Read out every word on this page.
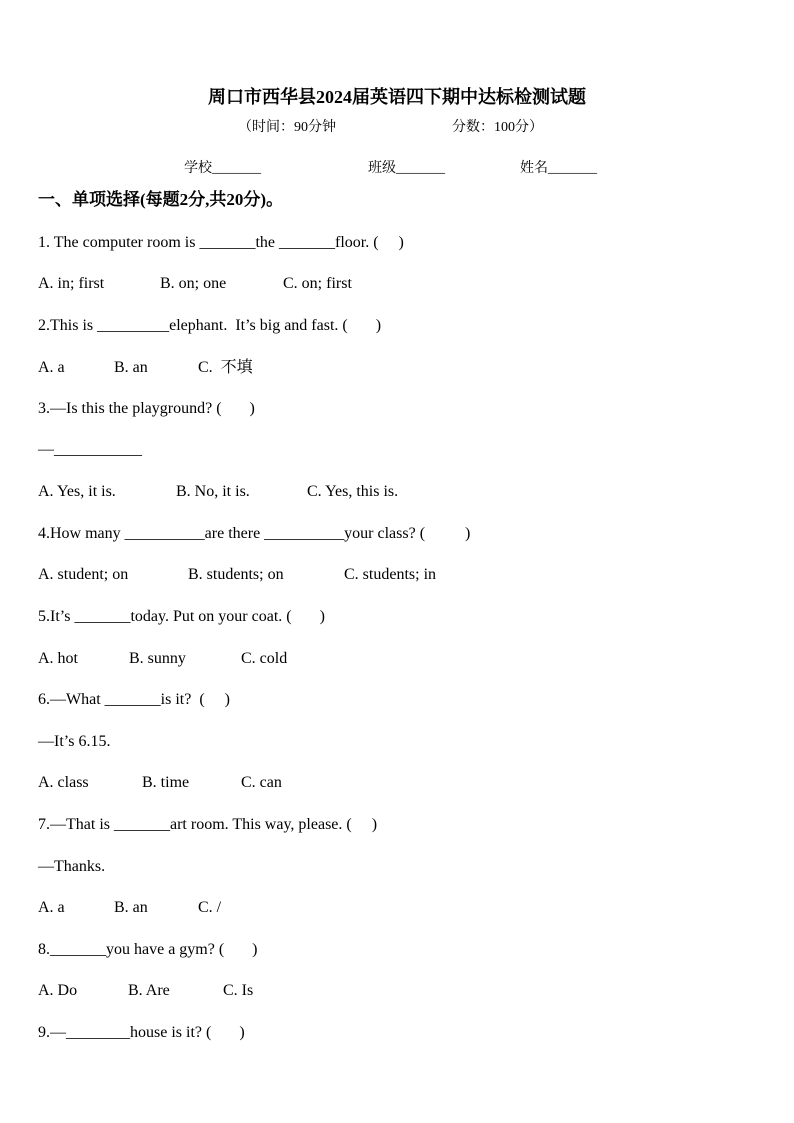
周口市西华县2024届英语四下期中达标检测试题
（时间：90分钟	分数：100分）
学校_______	班级_______	姓名_______
一、单项选择(每题2分,共20分)。
1. The computer room is _______the _______floor. (     )
A. in; first	B. on; one	C. on; first
2.This is _________elephant.  It’s big and fast. (       )
A. a	B. an	C.  不填
3.—Is this the playground? (       )
—___________
A. Yes, it is.	B. No, it is.	C. Yes, this is.
4.How many __________are there __________your class? (          )
A. student; on	B. students; on	C. students; in
5.It’s _______today. Put on your coat. (       )
A. hot	B. sunny	C. cold
6.—What _______is it?  (     )
—It’s 6.15.
A. class	B. time	C. can
7.—That is _______art room. This way, please. (     )
—Thanks.
A. a	B. an	C. /
8._______you have a gym? (       )
A. Do	B. Are	C. Is
9.—________house is it? (       )
